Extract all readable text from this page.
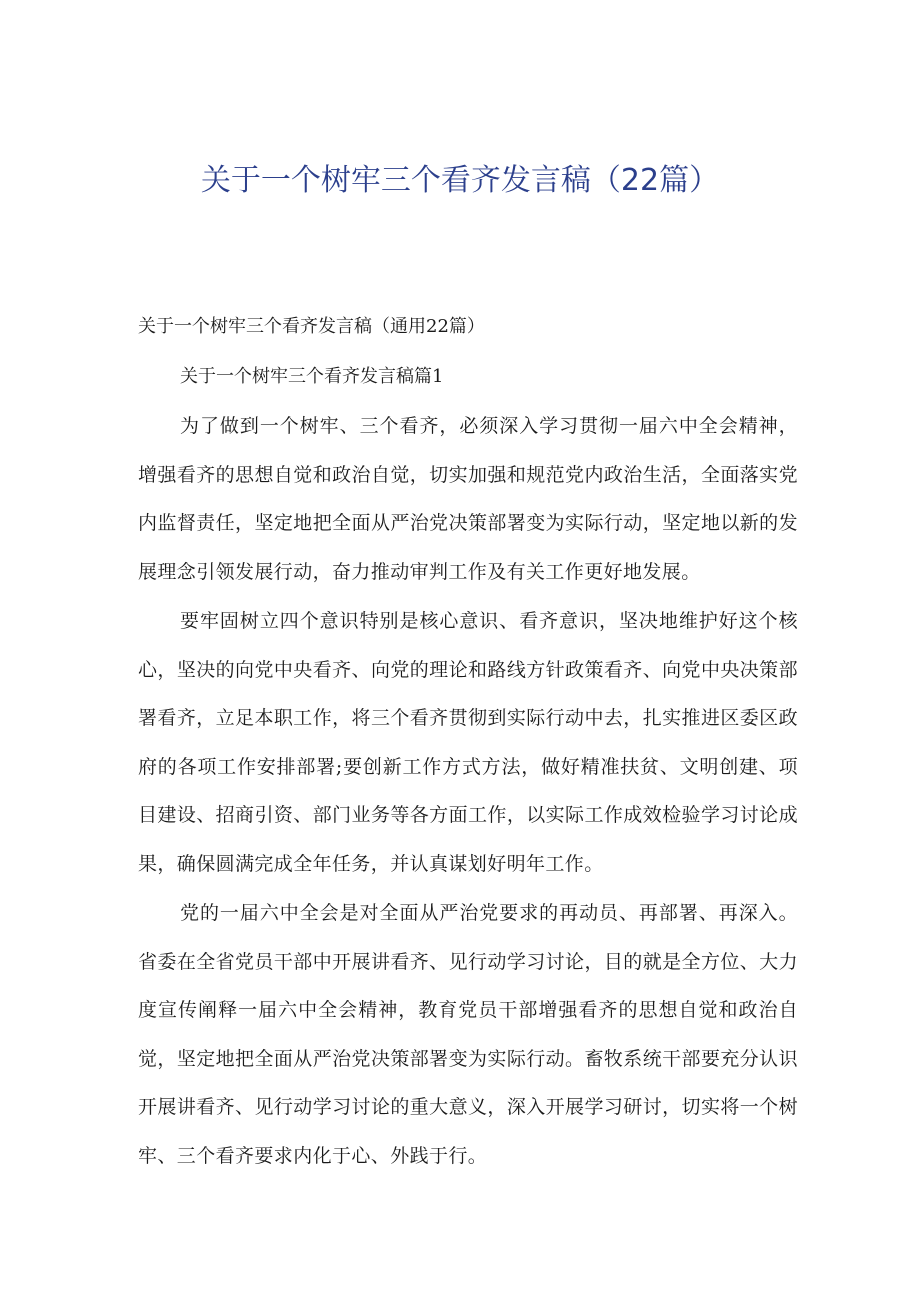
关于一个树牢三个看齐发言稿（22篇）

关于一个树牢三个看齐发言稿（通用22篇）

关于一个树牢三个看齐发言稿篇1

为了做到一个树牢、三个看齐，必须深入学习贯彻一届六中全会精神，增强看齐的思想自觉和政治自觉，切实加强和规范党内政治生活，全面落实党内监督责任，坚定地把全面从严治党决策部署变为实际行动，坚定地以新的发展理念引领发展行动，奋力推动审判工作及有关工作更好地发展。

要牢固树立四个意识特别是核心意识、看齐意识，坚决地维护好这个核心，坚决的向党中央看齐、向党的理论和路线方针政策看齐、向党中央决策部署看齐，立足本职工作，将三个看齐贯彻到实际行动中去，扎实推进区委区政府的各项工作安排部署;要创新工作方式方法，做好精准扶贫、文明创建、项目建设、招商引资、部门业务等各方面工作，以实际工作成效检验学习讨论成果，确保圆满完成全年任务，并认真谋划好明年工作。

党的一届六中全会是对全面从严治党要求的再动员、再部署、再深入。省委在全省党员干部中开展讲看齐、见行动学习讨论，目的就是全方位、大力度宣传阐释一届六中全会精神，教育党员干部增强看齐的思想自觉和政治自觉，坚定地把全面从严治党决策部署变为实际行动。畜牧系统干部要充分认识开展讲看齐、见行动学习讨论的重大意义，深入开展学习研讨，切实将一个树牢、三个看齐要求内化于心、外践于行。
